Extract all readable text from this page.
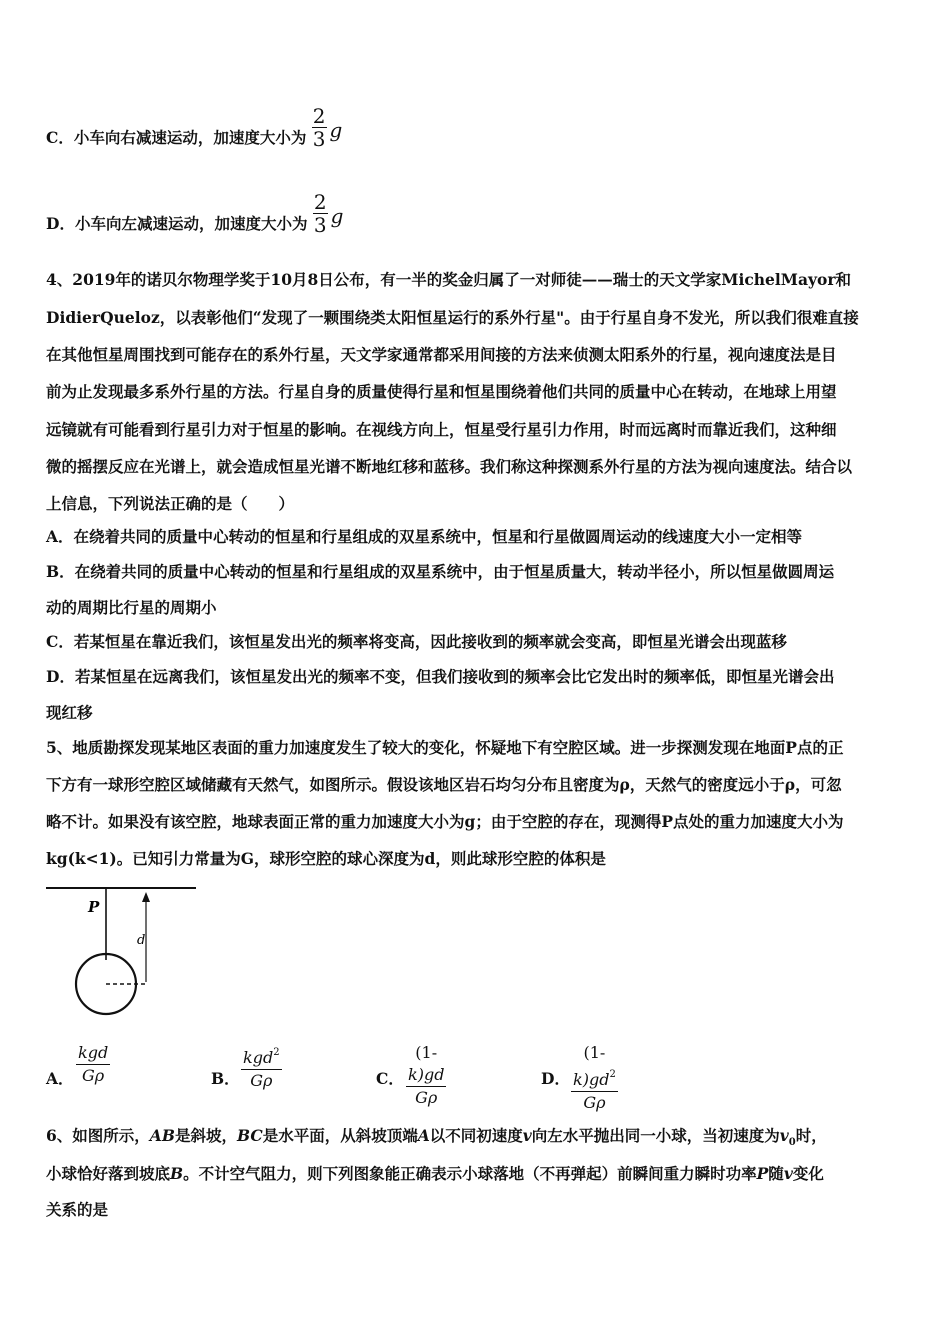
C．小车向右减速运动，加速度大小为 $\frac{2}{3}$ g
D．小车向左减速运动，加速度大小为 $\frac{2}{3}$ g
4、2019年的诺贝尔物理学奖于10月8日公布，有一半的奖金归属了一对师徒——瑞士的天文学家MichelMayor和
DidierQueloz，以表彰他们“发现了一颗围绕类太阳恒星运行的系外行星"。由于行星自身不发光，所以我们很难直接
在其他恒星周围找到可能存在的系外行星，天文学家通常都采用间接的方法来侦测太阳系外的行星，视向速度法是目
前为止发现最多系外行星的方法。行星自身的质量使得行星和恒星围绕着他们共同的质量中心在转动，在地球上用望
远镜就有可能看到行星引力对于恒星的影响。在视线方向上，恒星受行星引力作用，时而远离时而靠近我们，这种细
微的摇摆反应在光谱上，就会造成恒星光谱不断地红移和蓝移。我们称这种探测系外行星的方法为视向速度法。结合以
上信息，下列说法正确的是（　　）
A．在绕着共同的质量中心转动的恒星和行星组成的双星系统中，恒星和行星做圆周运动的线速度大小一定相等
B．在绕着共同的质量中心转动的恒星和行星组成的双星系统中，由于恒星质量大，转动半径小，所以恒星做圆周运
动的周期比行星的周期小
C．若某恒星在靠近我们，该恒星发出光的频率将变高，因此接收到的频率就会变高，即恒星光谱会出现蓝移
D．若某恒星在远离我们，该恒星发出光的频率不变，但我们接收到的频率会比它发出时的频率低，即恒星光谱会出
现红移
5、地质勘探发现某地区表面的重力加速度发生了较大的变化，怀疑地下有空腔区域。进一步探测发现在地面P点的正
下方有一球形空腔区域储藏有天然气，如图所示。假设该地区岩石均匀分布且密度为ρ，天然气的密度远小于ρ，可忽
略不计。如果没有该空腔，地球表面正常的重力加速度大小为g；由于空腔的存在，现测得P点处的重力加速度大小为
kg(k<1)。已知引力常量为G，球形空腔的球心深度为d，则此球形空腔的体积是
P
d
A．
kgd
Gρ	B．
kgd$^2$
Gρ	C． $\frac{(1- k)gd}{G\rho}$	D． $\frac{(1- k)gd^2}{G\rho}$
6、如图所示，AB是斜坡，BC是水平面，从斜坡顶端A以不同初速度v向左水平抛出同一小球，当初速度为$v_0$时，
小球恰好落到坡底B。不计空气阻力，则下列图象能正确表示小球落地（不再弹起）前瞬间重力瞬时功率P随v变化
关系的是
